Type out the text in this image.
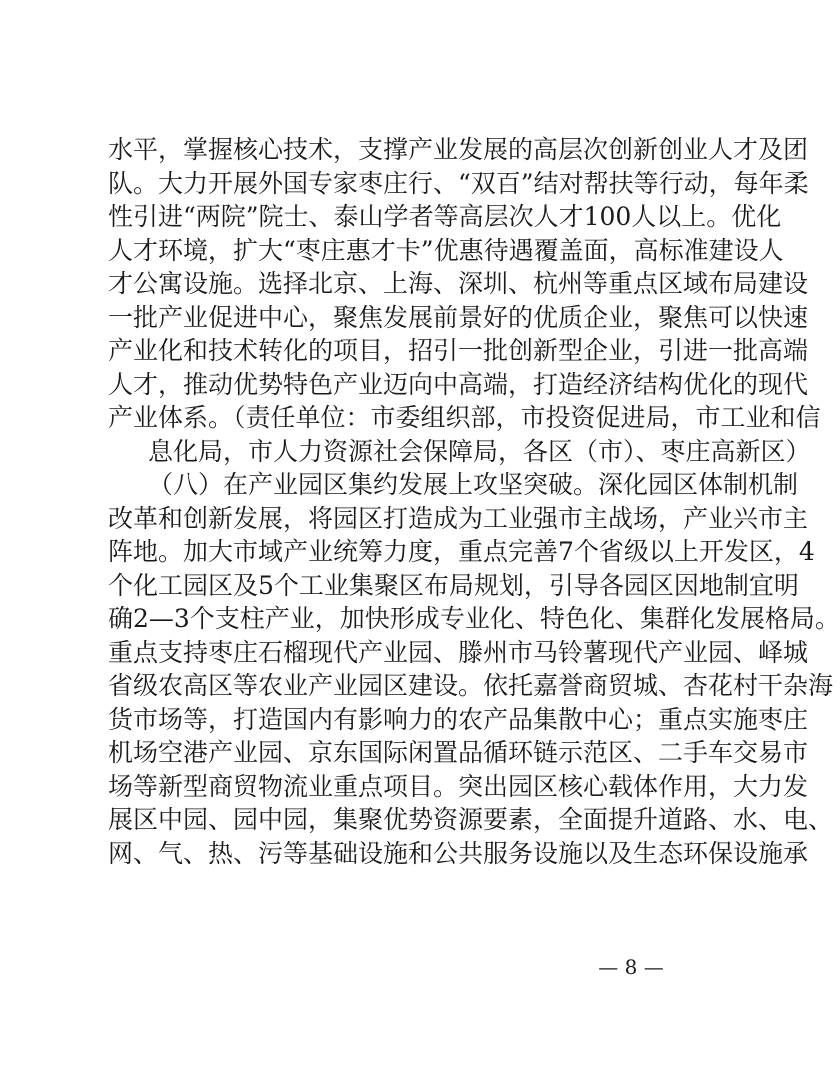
水平，掌握核心技术，支撑产业发展的高层次创新创业人才及团
队。大力开展外国专家枣庄行、“双百”结对帮扶等行动，每年柔
性引进“两院”院士、泰山学者等高层次人才100人以上。优化
人才环境，扩大“枣庄惠才卡”优惠待遇覆盖面，高标准建设人
才公寓设施。选择北京、上海、深圳、杭州等重点区域布局建设
一批产业促进中心，聚焦发展前景好的优质企业，聚焦可以快速
产业化和技术转化的项目，招引一批创新型企业，引进一批高端
人才，推动优势特色产业迈向中高端，打造经济结构优化的现代
产业体系。（责任单位：市委组织部，市投资促进局，市工业和信
息化局，市人力资源社会保障局，各区（市）、枣庄高新区）
（八）在产业园区集约发展上攻坚突破。深化园区体制机制
改革和创新发展，将园区打造成为工业强市主战场，产业兴市主
阵地。加大市域产业统筹力度，重点完善7个省级以上开发区，4
个化工园区及5个工业集聚区布局规划，引导各园区因地制宜明
确2—3个支柱产业，加快形成专业化、特色化、集群化发展格局。
重点支持枣庄石榴现代产业园、滕州市马铃薯现代产业园、峄城
省级农高区等农业产业园区建设。依托嘉誉商贸城、杏花村干杂海
货市场等，打造国内有影响力的农产品集散中心；重点实施枣庄
机场空港产业园、京东国际闲置品循环链示范区、二手车交易市
场等新型商贸物流业重点项目。突出园区核心载体作用，大力发
展区中园、园中园，集聚优势资源要素，全面提升道路、水、电、
网、气、热、污等基础设施和公共服务设施以及生态环保设施承
— 8 —
